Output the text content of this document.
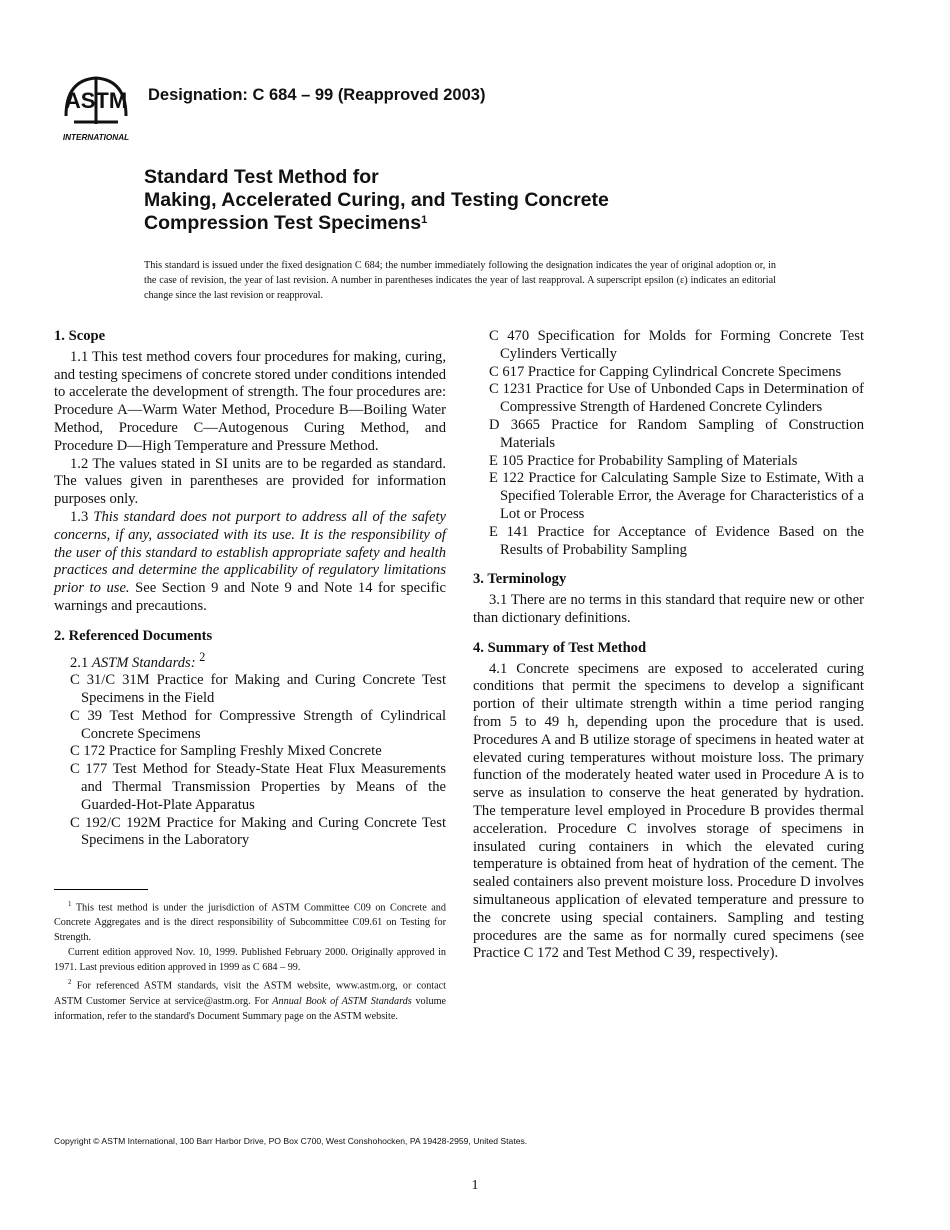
ASTM
INTERNATIONAL
Designation: C 684 – 99 (Reapproved 2003)
Standard Test Method for
Making, Accelerated Curing, and Testing Concrete
Compression Test Specimens$^1$
This standard is issued under the fixed designation C 684; the number immediately following the designation indicates the year of original adoption or, in the case of revision, the year of last revision. A number in parentheses indicates the year of last reapproval. A superscript epsilon (ε) indicates an editorial change since the last revision or reapproval.
1. Scope

1.1 This test method covers four procedures for making, curing, and testing specimens of concrete stored under conditions intended to accelerate the development of strength. The four procedures are: Procedure A—Warm Water Method, Procedure B—Boiling Water Method, Procedure C—Autogenous Curing Method, and Procedure D—High Temperature and Pressure Method.

1.2 The values stated in SI units are to be regarded as standard. The values given in parentheses are provided for information purposes only.

1.3 This standard does not purport to address all of the safety concerns, if any, associated with its use. It is the responsibility of the user of this standard to establish appropriate safety and health practices and determine the applicability of regulatory limitations prior to use. See Section 9 and Note 9 and Note 14 for specific warnings and precautions.

2. Referenced Documents

2.1 ASTM Standards: $^2$

C 31/C 31M Practice for Making and Curing Concrete Test Specimens in the Field

C 39 Test Method for Compressive Strength of Cylindrical Concrete Specimens

C 172 Practice for Sampling Freshly Mixed Concrete

C 177 Test Method for Steady-State Heat Flux Measurements and Thermal Transmission Properties by Means of the Guarded-Hot-Plate Apparatus

C 192/C 192M Practice for Making and Curing Concrete Test Specimens in the Laboratory

C 470 Specification for Molds for Forming Concrete Test Cylinders Vertically

C 617 Practice for Capping Cylindrical Concrete Specimens

C 1231 Practice for Use of Unbonded Caps in Determination of Compressive Strength of Hardened Concrete Cylinders

D 3665 Practice for Random Sampling of Construction Materials

E 105 Practice for Probability Sampling of Materials

E 122 Practice for Calculating Sample Size to Estimate, With a Specified Tolerable Error, the Average for Characteristics of a Lot or Process

E 141 Practice for Acceptance of Evidence Based on the Results of Probability Sampling

3. Terminology

3.1 There are no terms in this standard that require new or other than dictionary definitions.

4. Summary of Test Method

4.1 Concrete specimens are exposed to accelerated curing conditions that permit the specimens to develop a significant portion of their ultimate strength within a time period ranging from 5 to 49 h, depending upon the procedure that is used. Procedures A and B utilize storage of specimens in heated water at elevated curing temperatures without moisture loss. The primary function of the moderately heated water used in Procedure A is to serve as insulation to conserve the heat generated by hydration. The temperature level employed in Procedure B provides thermal acceleration. Procedure C involves storage of specimens in insulated curing containers in which the elevated curing temperature is obtained from heat of hydration of the cement. The sealed containers also prevent moisture loss. Procedure D involves simultaneous application of elevated temperature and pressure to the concrete using special containers. Sampling and testing procedures are the same as for normally cured specimens (see Practice C 172 and Test Method C 39, respectively).

$^1$ This test method is under the jurisdiction of ASTM Committee C09 on Concrete and Concrete Aggregates and is the direct responsibility of Subcommittee C09.61 on Testing for Strength.

Current edition approved Nov. 10, 1999. Published February 2000. Originally approved in 1971. Last previous edition approved in 1999 as C 684 – 99.

$^2$ For referenced ASTM standards, visit the ASTM website, www.astm.org, or contact ASTM Customer Service at service@astm.org. For Annual Book of ASTM Standards volume information, refer to the standard's Document Summary page on the ASTM website.

Copyright © ASTM International, 100 Barr Harbor Drive, PO Box C700, West Conshohocken, PA 19428-2959, United States.
1
